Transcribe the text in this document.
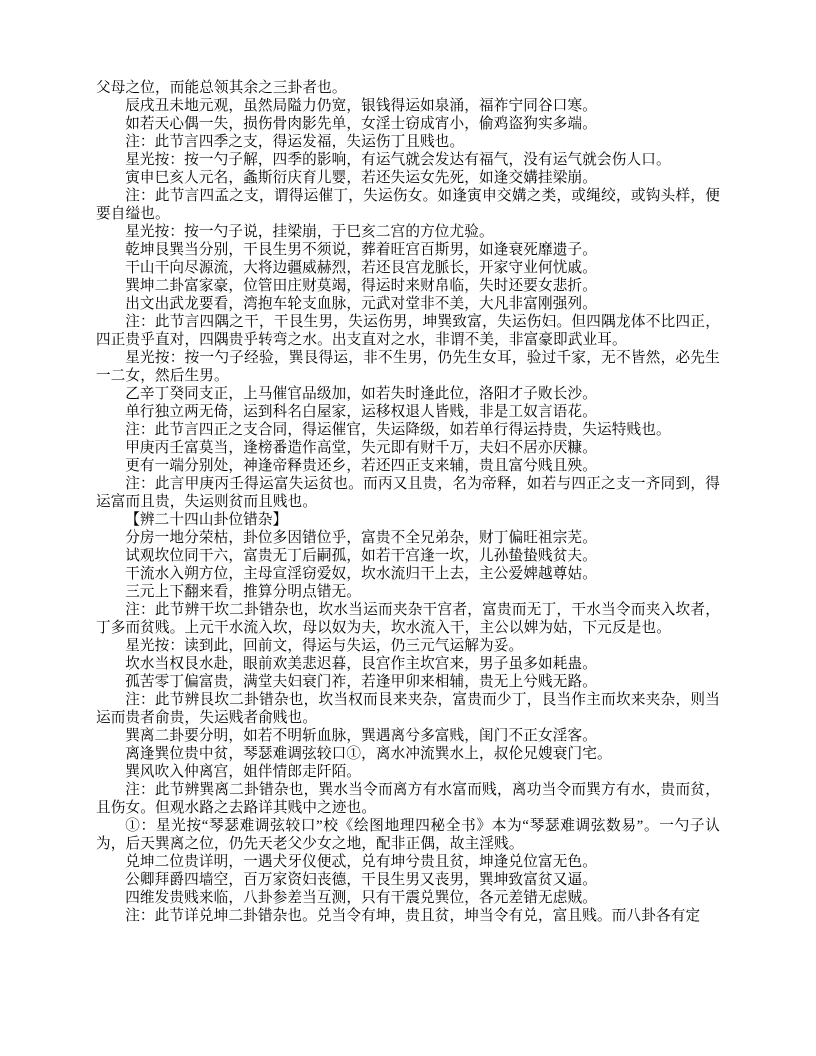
父母之位，而能总领其余之三卦者也。

辰戌丑未地元观，虽然局隘力仍宽，银钱得运如泉涌，福祚宁同谷口寒。

如若天心偶一失，损伤骨肉影先单，女淫士窃成宵小，偷鸡盗狗实多端。

注：此节言四季之支，得运发福，失运伤丁且贱也。

星光按：按一勺子解，四季的影响，有运气就会发达有福气，没有运气就会伤人口。

寅申巳亥人元名，螽斯衍庆育儿婴，若还失运女先死，如逢交媾挂梁崩。

注：此节言四孟之支，谓得运催丁，失运伤女。如逢寅申交媾之类，或绳绞，或钩头样，便要自缢也。

星光按：按一勺子说，挂梁崩，于巳亥二宫的方位尤验。

乾坤艮巽当分别，干艮生男不须说，葬着旺宫百斯男，如逢衰死靡遗子。

干山干向尽源流，大将边疆威赫烈，若还艮宫龙脈长，开家守业何忧戚。

巽坤二卦富家豪，位管田庄财莫竭，得运时来财帛临，失时还要女悲折。

出文出武龙要看，湾抱车轮支血脉，元武对堂非不美，大凡非富刚强列。

注：此节言四隅之干，干艮生男，失运伤男，坤巽致富，失运伤妇。但四隅龙体不比四正，四正贵乎直对，四隅贵乎转弯之水。出支直对之水，非谓不美，非富豪即武业耳。

星光按：按一勺子经验，巽艮得运，非不生男，仍先生女耳，验过千家，无不皆然，必先生一二女，然后生男。

乙辛丁癸同支正，上马催官品级加，如若失时逢此位，洛阳才子败长沙。

单行独立两无倚，运到科名白屋家，运移权退人皆贱，非是工奴言语花。

注：此节言四正之支合同，得运催官，失运降级，如若单行得运持贵，失运特贱也。

甲庚丙壬富莫当，逢榜番造作高堂，失元即有财千万，夫妇不居亦厌糠。

更有一端分别处，神逢帝释贵还乡，若还四正支来辅，贵且富兮贱且殃。

注：此言甲庚丙壬得运富失运贫也。而丙又且贵，名为帝释，如若与四正之支一齐同到，得运富而且贵，失运则贫而且贱也。

【辨二十四山卦位错杂】

分房一地分荣枯，卦位多因错位乎，富贵不全兄弟杂，财丁偏旺祖宗芜。

试观坎位同干六，富贵无丁后嗣孤，如若干宫逢一坎，儿孙蛰蛰贱贫夫。

干流水入朔方位，主母宣淫窃爱奴，坎水流归干上去，主公爱婢越尊姑。

三元上下翻来看，推算分明点错无。

注：此节辨干坎二卦错杂也，坎水当运而夹杂干宫者，富贵而无丁，干水当令而夹入坎者，丁多而贫贱。上元干水流入坎，母以奴为夫，坎水流入干，主公以婢为姑，下元反是也。

星光按：读到此，回前文，得运与失运，仍三元气运解为妥。

坎水当权艮水赴，眼前欢美悲迟暮，艮宫作主坎宫来，男子虽多如耗蛊。

孤苦零丁偏富贵，满堂夫妇衰门祚，若逢甲卯来相辅，贵无上兮贱无路。

注：此节辨艮坎二卦错杂也，坎当权而艮来夹杂，富贵而少丁，艮当作主而坎来夹杂，则当运而贵者俞贵，失运贱者俞贱也。

巽离二卦要分明，如若不明斩血脉，巽遇离兮多富贱，闺门不正女淫客。

离逢巽位贵中贫，琴瑟难调弦较口①，离水冲流巽水上，叔伦兄嫂衰门宅。

巽风吹入仲离宫，姐伴情郎走阡陌。

注：此节辨巽离二卦错杂也，巽水当令而离方有水富而贱，离功当令而巽方有水，贵而贫，且伤女。但观水路之去路详其贱中之迹也。

①：星光按“琴瑟难调弦较口”校《绘图地理四秘全书》本为“琴瑟难调弦数易”。一勺子认为，后天巽离之位，仍先天老父少女之地，配非正偶，故主淫贱。

兑坤二位贵详明，一遇犬牙仪便忒，兑有坤兮贵且贫，坤逢兑位富无色。

公卿拜爵四墙空，百万家资妇丧德，干艮生男又丧男，巽坤致富贫又逼。

四维发贵贱来临，八卦参差当互测，只有干震兑巽位，各元差错无虑贼。

注：此节详兑坤二卦错杂也。兑当令有坤，贵且贫，坤当令有兑，富且贱。而八卦各有定
